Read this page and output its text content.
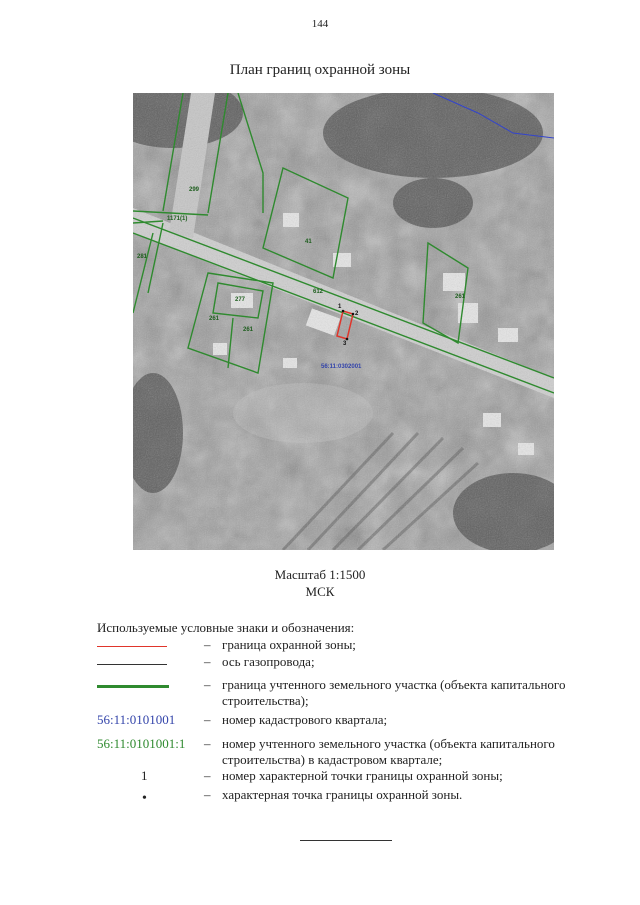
144
План границ охранной зоны
299
1171(1)
281
41
612
277
261
261
261
1
2
3
56:11:0302001
Масштаб 1:1500
МСК
Используемые условные знаки и обозначения:
– граница охранной зоны;
– ось газопровода;
– граница учтенного земельного участка (объекта капитального строительства);
56:11:0101001 – номер кадастрового квартала;
56:11:0101001:1	– номер учтенного земельного участка (объекта капитального строительства) в кадастровом квартале;
1	– номер характерной точки границы охранной зоны;
•	– характерная точка границы охранной зоны.
